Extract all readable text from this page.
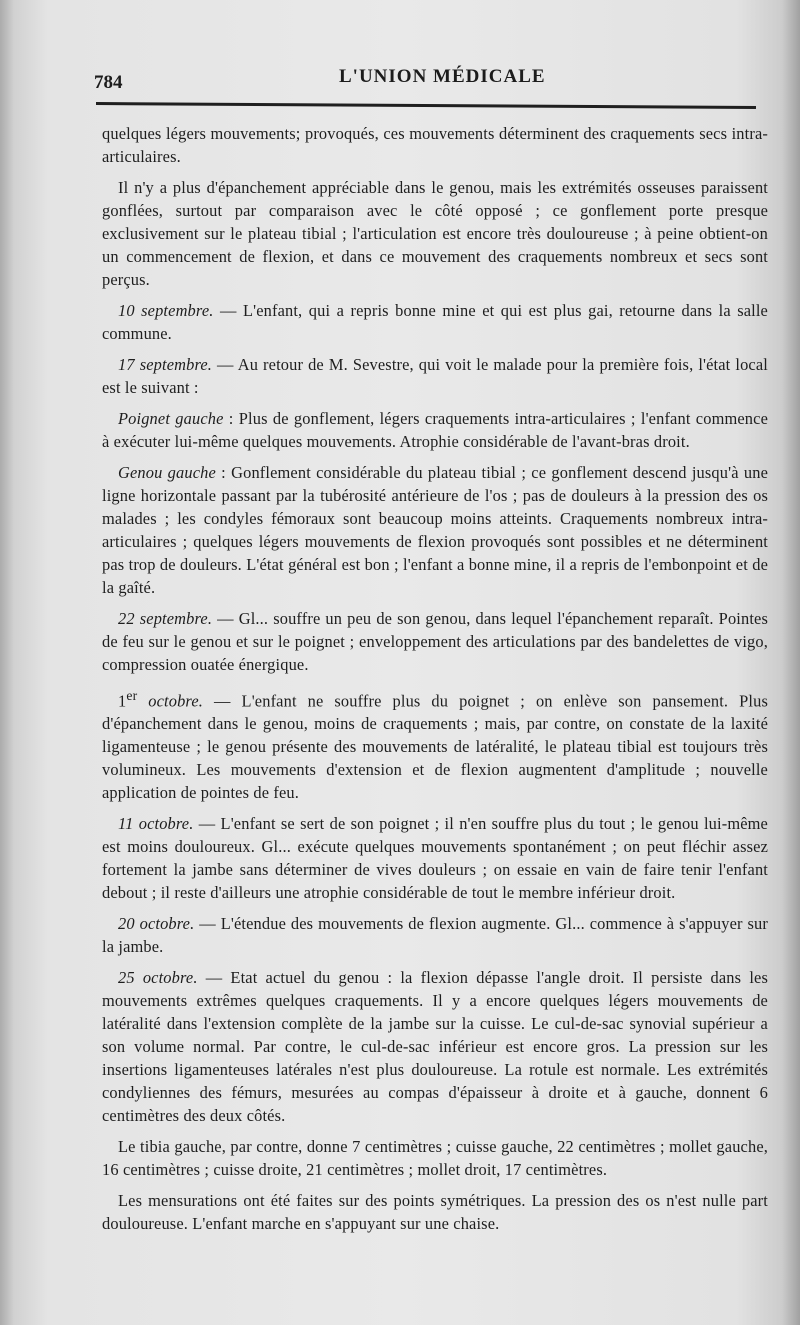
784	L'UNION MÉDICALE

quelques légers mouvements; provoqués, ces mouvements déterminent des craquements secs intra-articulaires.

Il n'y a plus d'épanchement appréciable dans le genou, mais les extrémités osseuses paraissent gonflées, surtout par comparaison avec le côté opposé ; ce gonflement porte presque exclusivement sur le plateau tibial ; l'articulation est encore très douloureuse ; à peine obtient-on un commencement de flexion, et dans ce mouvement des craquements nombreux et secs sont perçus.

10 septembre. — L'enfant, qui a repris bonne mine et qui est plus gai, retourne dans la salle commune.

17 septembre. — Au retour de M. Sevestre, qui voit le malade pour la première fois, l'état local est le suivant :

Poignet gauche : Plus de gonflement, légers craquements intra-articulaires ; l'enfant commence à exécuter lui-même quelques mouvements. Atrophie considérable de l'avant-bras droit.

Genou gauche : Gonflement considérable du plateau tibial ; ce gonflement descend jusqu'à une ligne horizontale passant par la tubérosité antérieure de l'os ; pas de douleurs à la pression des os malades ; les condyles fémoraux sont beaucoup moins atteints. Craquements nombreux intra-articulaires ; quelques légers mouvements de flexion provoqués sont possibles et ne déterminent pas trop de douleurs. L'état général est bon ; l'enfant a bonne mine, il a repris de l'embonpoint et de la gaîté.

22 septembre. — Gl... souffre un peu de son genou, dans lequel l'épanchement reparaît. Pointes de feu sur le genou et sur le poignet ; enveloppement des articulations par des bandelettes de vigo, compression ouatée énergique.

1er octobre. — L'enfant ne souffre plus du poignet ; on enlève son pansement. Plus d'épanchement dans le genou, moins de craquements ; mais, par contre, on constate de la laxité ligamenteuse ; le genou présente des mouvements de latéralité, le plateau tibial est toujours très volumineux. Les mouvements d'extension et de flexion augmentent d'amplitude ; nouvelle application de pointes de feu.

11 octobre. — L'enfant se sert de son poignet ; il n'en souffre plus du tout ; le genou lui-même est moins douloureux. Gl... exécute quelques mouvements spontanément ; on peut fléchir assez fortement la jambe sans déterminer de vives douleurs ; on essaie en vain de faire tenir l'enfant debout ; il reste d'ailleurs une atrophie considérable de tout le membre inférieur droit.

20 octobre. — L'étendue des mouvements de flexion augmente. Gl... commence à s'appuyer sur la jambe.

25 octobre. — Etat actuel du genou : la flexion dépasse l'angle droit. Il persiste dans les mouvements extrêmes quelques craquements. Il y a encore quelques légers mouvements de latéralité dans l'extension complète de la jambe sur la cuisse. Le cul-de-sac synovial supérieur a son volume normal. Par contre, le cul-de-sac inférieur est encore gros. La pression sur les insertions ligamenteuses latérales n'est plus douloureuse. La rotule est normale. Les extrémités condyliennes des fémurs, mesurées au compas d'épaisseur à droite et à gauche, donnent 6 centimètres des deux côtés.

Le tibia gauche, par contre, donne 7 centimètres ; cuisse gauche, 22 centimètres ; mollet gauche, 16 centimètres ; cuisse droite, 21 centimètres ; mollet droit, 17 centimètres.

Les mensurations ont été faites sur des points symétriques. La pression des os n'est nulle part douloureuse. L'enfant marche en s'appuyant sur une chaise.
